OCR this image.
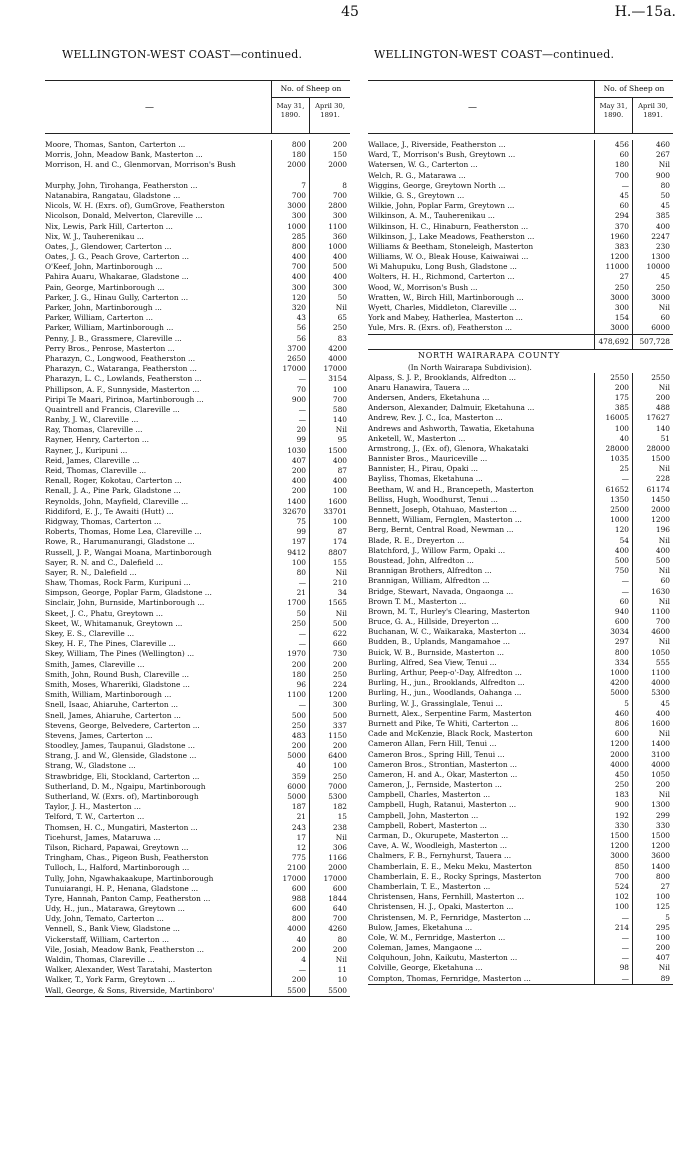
45	H.—15a.
WELLINGTON-WEST COAST—continued.	WELLINGTON-WEST COAST—continued.
—
No. of Sheep on
May 31, 1890.
April 30, 1891.
Moore, Thomas, Santon, Carterton ...	800	200
Morris, John, Meadow Bank, Masterton ...	180	150
Morrison, H. and C., Glenmorvan, Morrison's Bush	2000	2000
Murphy, John, Tirohanga, Featherston ...	7	8
Natanabira, Rangatau, Gladstone ...	700	700
Nicols, W. H. (Exrs. of), GumGrove, Featherston	3000	2800
Nicolson, Donald, Melverton, Clareville ...	300	300
Nix, Lewis, Park Hill, Carterton ...	1000	1100
Nix, W. J., Tauherenikau ...	285	360
Oates, J., Glendower, Carterton ...	800	1000
Oates, J. G., Peach Grove, Carterton ...	400	400
O'Keef, John, Martinborough ...	700	500
Pahira Auaru, Whakarae, Gladstone ...	400	400
Pain, George, Martinborough ...	300	300
Parker, J. G., Hinau Gully, Carterton ...	120	50
Parker, John, Martinborough ...	320	Nil
Parker, William, Carterton ...	43	65
Parker, William, Martinborough ...	56	250
Penny, J. B., Grassmere, Clareville ...	56	83
Perry Bros., Penrose, Masterton ...	3700	4200
Pharazyn, C., Longwood, Featherston ...	2650	4000
Pharazyn, C., Wataranga, Featherston ...	17000	17000
Pharazyn, L. C., Lowlands, Featherston ...	—	3154
Phillipson, A. F., Sunnyside, Masterton ...	70	100
Piripi Te Maari, Pirinoa, Martinborough ...	900	700
Quaintrell and Francis, Clareville ...	—	580
Ranby, J. W., Clareville ...	—	140
Ray, Thomas, Clareville ...	20	Nil
Rayner, Henry, Carterton ...	99	95
Rayner, J., Kuripuni ...	1030	1500
Reid, James, Clareville ...	407	400
Reid, Thomas, Clareville ...	200	87
Renall, Roger, Kokotau, Carterton ...	400	400
Renall, J. A., Pine Park, Gladstone ...	200	100
Reynolds, John, Mayfield, Clareville ...	1400	1600
Riddiford, E. J., Te Awaiti (Hutt) ...	32670	33701
Ridgway, Thomas, Carterton ...	75	100
Roberts, Thomas, Home Lea, Clareville ...	99	87
Rowe, R., Harumanurangi, Gladstone ...	197	174
Russell, J. P., Wangai Moana, Martinborough	9412	8807
Sayer, R. N. and C., Dalefield ...	100	155
Sayer, R. N., Dalefield ...	80	Nil
Shaw, Thomas, Rock Farm, Kuripuni ...	—	210
Simpson, George, Poplar Farm, Gladstone ...	21	34
Sinclair, John, Burnside, Martinborough ...	1700	1565
Skeet, J. C., Phatu, Greytown ...	50	Nil
Skeet, W., Whitamanuk, Greytown ...	250	500
Skey, E. S., Clareville ...	—	622
Skey, H. F., The Pines, Clareville ...	—	660
Skey, William, The Pines (Wellington) ...	1970	730
Smith, James, Clareville ...	200	200
Smith, John, Round Bush, Clareville ...	180	250
Smith, Moses, Whareriki, Gladstone ...	96	224
Smith, William, Martinborough ...	1100	1200
Snell, Isaac, Ahiaruhe, Carterton ...	—	300
Snell, James, Ahiaruhe, Carterton ...	500	500
Stevens, George, Belvedere, Carterton ...	250	337
Stevens, James, Carterton ...	483	1150
Stoodley, James, Taupanui, Gladstone ...	200	200
Strang, J. and W., Glenside, Gladstone ...	5000	6400
Strang, W., Gladstone ...	40	100
Strawbridge, Eli, Stockland, Carterton ...	359	250
Sutherland, D. M., Ngaipu, Martinborough	6000	7000
Sutherland, W. (Exrs. of), Martinborough	5000	5300
Taylor, J. H., Masterton ...	187	182
Telford, T. W., Carterton ...	21	15
Thomsen, H. C., Mungatiri, Masterton ...	243	238
Ticehurst, James, Mataruwa ...	17	Nil
Tilson, Richard, Papawai, Greytown ...	12	306
Tringham, Chas., Pigeon Bush, Featherston	775	1166
Tulloch, L., Halford, Martinborough ...	2100	2000
Tully, John, Ngawhakaakupe, Martinborough	17000	17000
Tunuiarangi, H. P., Henana, Gladstone ...	600	600
Tyre, Hannah, Panton Camp, Featherston ...	988	1844
Udy, H., jun., Matarawa, Greytown ...	600	640
Udy, John, Temato, Carterton ...	800	700
Vennell, S., Bank View, Gladstone ...	4000	4260
Vickerstaff, William, Carterton ...	40	80
Vile, Josiah, Meadow Bank, Featherston ...	200	200
Waldin, Thomas, Clareville ...	4	Nil
Walker, Alexander, West Taratahi, Masterton	—	11
Walker, T., York Farm, Greytown ...	200	10
Wall, George, & Sons, Riverside, Martinboro'	5500	5500
—
No. of Sheep on
May 31, 1890.
April 30, 1891.
Wallace, J., Riverside, Featherston ...	456	460
Ward, T., Morrison's Bush, Greytown ...	60	267
Watersen, W. G., Carterton ...	180	Nil
Welch, R. G., Matarawa ...	700	900
Wiggins, George, Greytown North ...	—	80
Wilkie, G. S., Greytown ...	45	50
Wilkie, John, Poplar Farm, Greytown ...	60	45
Wilkinson, A. M., Tauherenikau ...	294	385
Wilkinson, H. C., Hinaburn, Featherston ...	370	400
Wilkinson, J., Lake Meadows, Featherston ...	1960	2247
Williams & Beetham, Stoneleigh, Masterton	383	230
Williams, W. O., Bleak House, Kaiwaiwai ...	1200	1300
Wi Mahupuku, Long Bush, Gladstone ...	11000	10000
Wolters, H. H., Richmond, Carterton ...	27	45
Wood, W., Morrison's Bush ...	250	250
Wratten, W., Birch Hill, Martinborough ...	3000	3000
Wyett, Charles, Middleton, Clareville ...	300	Nil
York and Mabey, Hatherlea, Masterton ...	154	60
Yule, Mrs. R. (Exrs. of), Featherston ...	3000	6000
478,692	507,728
NORTH WAIRARAPA COUNTY
(In North Wairarapa Subdivision).
Alpass, S. J. P., Brooklands, Alfredton ...	2550	2550
Anaru Hanawira, Tauera ...	200	Nil
Andersen, Anders, Eketahuna ...	175	200
Anderson, Alexander, Dalmuir, Eketahuna ...	385	488
Andrew, Rev. J. C., Ica, Masterton ...	16005	17627
Andrews and Ashworth, Tawatia, Eketahuna	100	140
Anketell, W., Masterton ...	40	51
Armstrong, J., (Ex. of), Glenora, Whakataki	28000	28000
Bannister Bros., Mauriceville ...	1035	1500
Bannister, H., Pirau, Opaki ...	25	Nil
Bayliss, Thomas, Eketahuna ...	—	228
Beetham, W. and H., Brancepeth, Masterton	61652	61174
Belliss, Hugh, Woodhurst, Tenui ...	1350	1450
Bennett, Joseph, Otahuao, Masterton ...	2500	2000
Bennett, William, Fernglen, Masterton ...	1000	1200
Berg, Bernt, Central Road, Newman ...	120	196
Blade, R. E., Dreyerton ...	54	Nil
Blatchford, J., Willow Farm, Opaki ...	400	400
Boustead, John, Alfredton ...	500	500
Brannigan Brothers, Alfredton ...	750	Nil
Brannigan, William, Alfredton ...	—	60
Bridge, Stewart, Navada, Ongaonga ...	—	1630
Brown T. M., Masterton ...	60	Nil
Brown, M. T., Hurley's Clearing, Masterton	940	1100
Bruce, G. A., Hillside, Dreyerton ...	600	700
Buchanan, W. C., Waikaraka, Masterton ...	3034	4600
Budden, B., Uplands, Mangamahoe ...	297	Nil
Buick, W. B., Burnside, Masterton ...	800	1050
Burling, Alfred, Sea View, Tenui ...	334	555
Burling, Arthur, Peep-o'-Day, Alfredton ...	1000	1100
Burling, H., jun., Brooklands, Alfredton ...	4200	4000
Burling, H., jun., Woodlands, Oahanga ...	5000	5300
Burling, W. J., Grassinglale, Tenui ...	5	45
Burnett, Alex., Serpentine Farm, Masterton	460	400
Burnett and Pike, Te Whiti, Carterton ...	806	1600
Cade and McKenzie, Black Rock, Masterton	600	Nil
Cameron Allan, Fern Hill, Tenui ...	1200	1400
Cameron Bros., Spring Hill, Tenui ...	2000	3100
Cameron Bros., Strontian, Masterton ...	4000	4000
Cameron, H. and A., Okar, Masterton ...	450	1050
Cameron, J., Fernside, Masterton ...	250	200
Campbell, Charles, Masterton ...	183	Nil
Campbell, Hugh, Ratanui, Masterton ...	900	1300
Campbell, John, Masterton ...	192	299
Campbell, Robert, Masterton ...	330	330
Carman, D., Okurupete, Masterton ...	1500	1500
Cave, A. W., Woodleigh, Masterton ...	1200	1200
Chalmers, F. B., Fernyhurst, Tauera ...	3000	3600
Chamberlain, E. E., Meku Meku, Masterton	850	1400
Chamberlain, E. E., Rocky Springs, Masterton	700	800
Chamberlain, T. E., Masterton ...	524	27
Christensen, Hans, Fernhill, Masterton ...	102	100
Christensen, H. J., Opaki, Masterton ...	100	125
Christensen, M. P., Fernridge, Masterton ...	—	5
Bulow, James, Eketahuna ...	214	295
Cole, W. M., Fernridge, Masterton ...	—	100
Coleman, James, Mangaone ...	—	200
Colquhoun, John, Kaikutu, Masterton ...	—	407
Colville, George, Eketahuna ...	98	Nil
Compton, Thomas, Fernridge, Masterton ...	—	89
